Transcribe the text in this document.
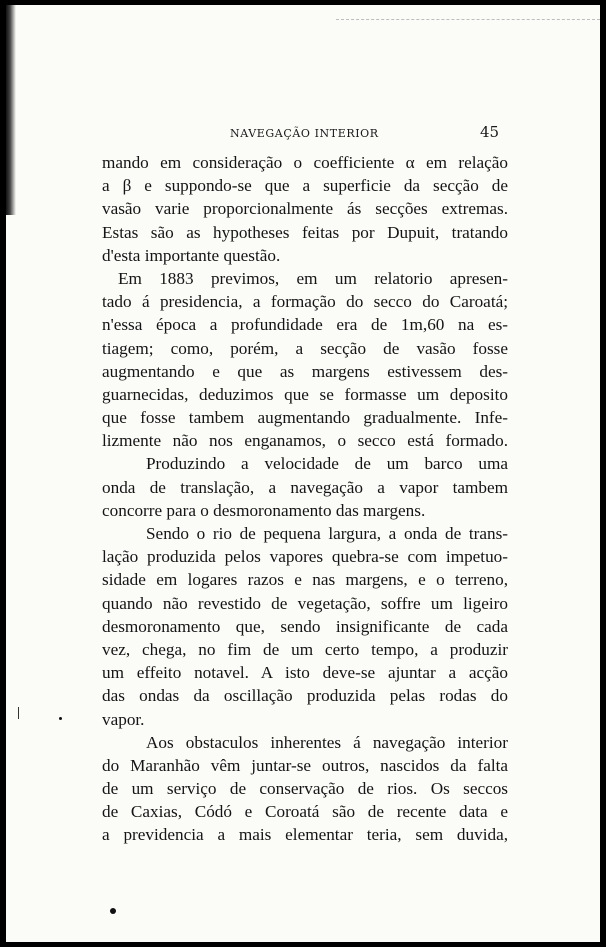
NAVEGAÇÃO INTERIOR	45
mando em consideração o coefficiente α em relação
a β e suppondo-se que a superficie da secção de
vasão varie proporcionalmente ás secções extremas.
Estas são as hypotheses feitas por Dupuit, tratando
d'esta importante questão.
Em 1883 previmos, em um relatorio apresen-
tado á presidencia, a formação do secco do Caroatá;
n'essa época a profundidade era de 1m,60 na es-
tiagem; como, porém, a secção de vasão fosse
augmentando e que as margens estivessem des-
guarnecidas, deduzimos que se formasse um deposito
que fosse tambem augmentando gradualmente. Infe-
lizmente não nos enganamos, o secco está formado.
Produzindo a velocidade de um barco uma
onda de translação, a navegação a vapor tambem
concorre para o desmoronamento das margens.
Sendo o rio de pequena largura, a onda de trans-
lação produzida pelos vapores quebra-se com impetuo-
sidade em logares razos e nas margens, e o terreno,
quando não revestido de vegetação, soffre um ligeiro
desmoronamento que, sendo insignificante de cada
vez, chega, no fim de um certo tempo, a produzir
um effeito notavel. A isto deve-se ajuntar a acção
das ondas da oscillação produzida pelas rodas do
vapor.
Aos obstaculos inherentes á navegação interior
do Maranhão vêm juntar-se outros, nascidos da falta
de um serviço de conservação de rios. Os seccos
de Caxias, Códó e Coroatá são de recente data e
a previdencia a mais elementar teria, sem duvida,
